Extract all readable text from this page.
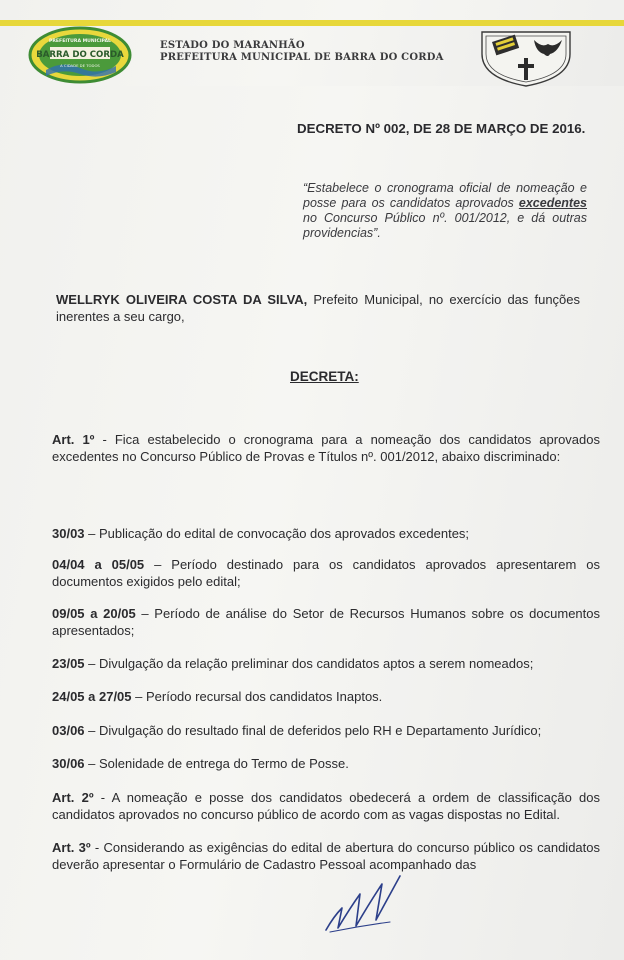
PREFEITURA MUNICIPAL
BARRA DO CORDA
A CIDADE DE TODOS
ESTADO DO MARANHÃO
PREFEITURA MUNICIPAL DE BARRA DO CORDA
DECRETO Nº 002, DE 28 DE MARÇO DE 2016.
“Estabelece o cronograma oficial de nomeação e posse para os candidatos aprovados excedentes no Concurso Público nº. 001/2012, e dá outras providencias”.
WELLRYK OLIVEIRA COSTA DA SILVA, Prefeito Municipal, no exercício das funções inerentes a seu cargo,
DECRETA:
Art. 1º - Fica estabelecido o cronograma para a nomeação dos candidatos aprovados excedentes no Concurso Público de Provas e Títulos nº. 001/2012, abaixo discriminado:
30/03 – Publicação do edital de convocação dos aprovados excedentes;
04/04 a 05/05 – Período destinado para os candidatos aprovados apresentarem os documentos exigidos pelo edital;
09/05 a 20/05 – Período de análise do Setor de Recursos Humanos sobre os documentos apresentados;
23/05 – Divulgação da relação preliminar dos candidatos aptos a serem nomeados;
24/05 a 27/05 – Período recursal dos candidatos Inaptos.
03/06 – Divulgação do resultado final de deferidos pelo RH e Departamento Jurídico;
30/06 – Solenidade de entrega do Termo de Posse.
Art. 2º - A nomeação e posse dos candidatos obedecerá a ordem de classificação dos candidatos aprovados no concurso público de acordo com as vagas dispostas no Edital.
Art. 3º - Considerando as exigências do edital de abertura do concurso público os candidatos deverão apresentar o Formulário de Cadastro Pessoal acompanhado das
